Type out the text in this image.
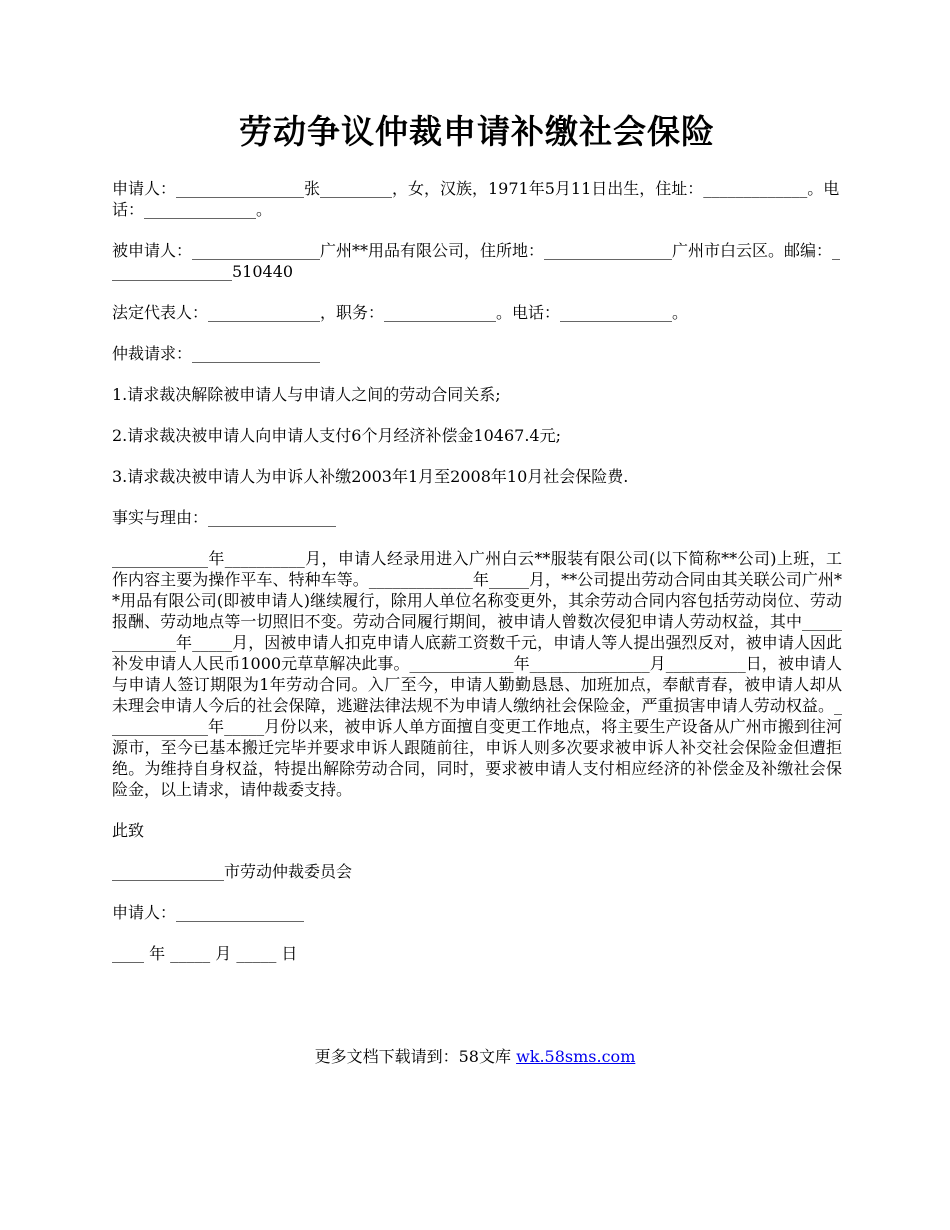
劳动争议仲裁申请补缴社会保险

申请人：________________张_________，女，汉族，1971年5月11日出生，住址：_____________。电话：______________。

被申请人：________________广州**用品有限公司，住所地：________________广州市白云区。邮编：________________510440

法定代表人：______________，职务：______________。电话：______________。

仲裁请求：________________

1.请求裁决解除被申请人与申请人之间的劳动合同关系;

2.请求裁决被申请人向申请人支付6个月经济补偿金10467.4元;

3.请求裁决被申请人为申诉人补缴2003年1月至2008年10月社会保险费.

事实与理由：________________

____________年__________月，申请人经录用进入广州白云**服装有限公司(以下简称**公司)上班，工作内容主要为操作平车、特种车等。_____________年_____月，**公司提出劳动合同由其关联公司广州**用品有限公司(即被申请人)继续履行，除用人单位名称变更外，其余劳动合同内容包括劳动岗位、劳动报酬、劳动地点等一切照旧不变。劳动合同履行期间，被申请人曾数次侵犯申请人劳动权益，其中_____________年_____月，因被申请人扣克申请人底薪工资数千元，申请人等人提出强烈反对，被申请人因此补发申请人人民币1000元草草解决此事。_____________年_______________月__________日，被申请人与申请人签订期限为1年劳动合同。入厂至今，申请人勤勤恳恳、加班加点，奉献青春，被申请人却从未理会申请人今后的社会保障，逃避法律法规不为申请人缴纳社会保险金，严重损害申请人劳动权益。_____________年_____月份以来，被申诉人单方面擅自变更工作地点，将主要生产设备从广州市搬到往河源市，至今已基本搬迁完毕并要求申诉人跟随前往，申诉人则多次要求被申诉人补交社会保险金但遭拒绝。为维持自身权益，特提出解除劳动合同，同时，要求被申请人支付相应经济的补偿金及补缴社会保险金，以上请求，请仲裁委支持。

此致

______________市劳动仲裁委员会

申请人：________________

____ 年 _____ 月 _____ 日

更多文档下载请到：58文库 wk.58sms.com
